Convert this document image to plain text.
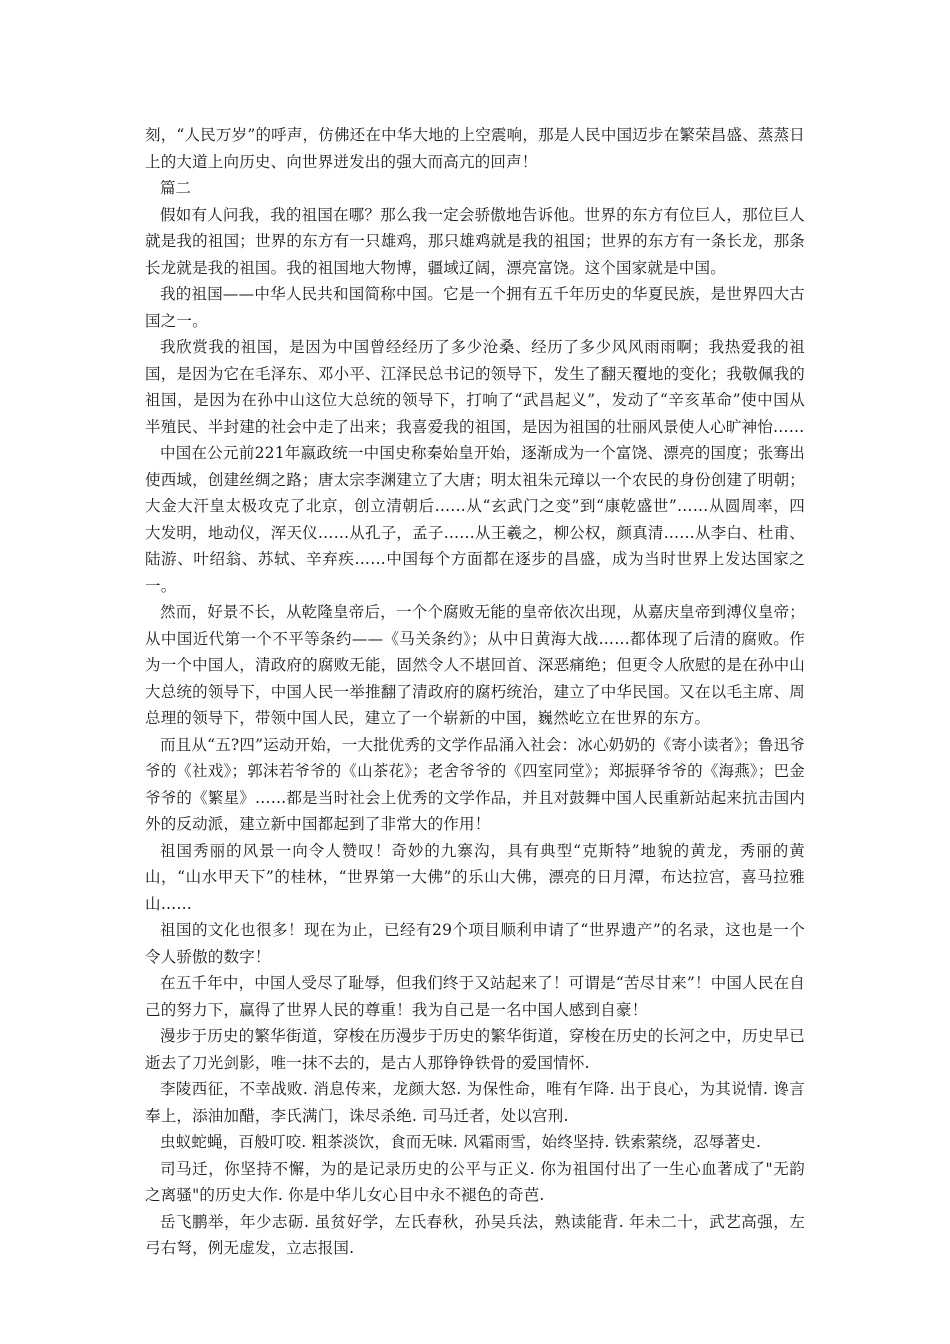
刻，“人民万岁”的呼声，仿佛还在中华大地的上空震响，那是人民中国迈步在繁荣昌盛、蒸蒸日上的大道上向历史、向世界迸发出的强大而高亢的回声！

篇二

假如有人问我，我的祖国在哪？那么我一定会骄傲地告诉他。世界的东方有位巨人，那位巨人就是我的祖国；世界的东方有一只雄鸡，那只雄鸡就是我的祖国；世界的东方有一条长龙，那条长龙就是我的祖国。我的祖国地大物博，疆域辽阔，漂亮富饶。这个国家就是中国。

我的祖国——中华人民共和国简称中国。它是一个拥有五千年历史的华夏民族，是世界四大古国之一。

我欣赏我的祖国，是因为中国曾经经历了多少沧桑、经历了多少风风雨雨啊；我热爱我的祖国，是因为它在毛泽东、邓小平、江泽民总书记的领导下，发生了翻天覆地的变化；我敬佩我的祖国，是因为在孙中山这位大总统的领导下，打响了“武昌起义”，发动了“辛亥革命”使中国从半殖民、半封建的社会中走了出来；我喜爱我的祖国，是因为祖国的壮丽风景使人心旷神怡……

中国在公元前221年嬴政统一中国史称秦始皇开始，逐渐成为一个富饶、漂亮的国度；张骞出使西域，创建丝绸之路；唐太宗李渊建立了大唐；明太祖朱元璋以一个农民的身份创建了明朝；大金大汗皇太极攻克了北京，创立清朝后……从“玄武门之变”到“康乾盛世”……从圆周率，四大发明，地动仪，浑天仪……从孔子，孟子……从王羲之，柳公权，颜真清……从李白、杜甫、陆游、叶绍翁、苏轼、辛弃疾……中国每个方面都在逐步的昌盛，成为当时世界上发达国家之一。

然而，好景不长，从乾隆皇帝后，一个个腐败无能的皇帝依次出现，从嘉庆皇帝到溥仪皇帝；从中国近代第一个不平等条约——《马关条约》；从中日黄海大战……都体现了后清的腐败。作为一个中国人，清政府的腐败无能，固然令人不堪回首、深恶痛绝；但更令人欣慰的是在孙中山大总统的领导下，中国人民一举推翻了清政府的腐朽统治，建立了中华民国。又在以毛主席、周总理的领导下，带领中国人民，建立了一个崭新的中国，巍然屹立在世界的东方。

而且从“五?四”运动开始，一大批优秀的文学作品涌入社会：冰心奶奶的《寄小读者》；鲁迅爷爷的《社戏》；郭沫若爷爷的《山茶花》；老舍爷爷的《四室同堂》；郑振驿爷爷的《海燕》；巴金爷爷的《繁星》……都是当时社会上优秀的文学作品，并且对鼓舞中国人民重新站起来抗击国内外的反动派，建立新中国都起到了非常大的作用！

祖国秀丽的风景一向令人赞叹！奇妙的九寨沟，具有典型“克斯特”地貌的黄龙，秀丽的黄山，“山水甲天下”的桂林，“世界第一大佛”的乐山大佛，漂亮的日月潭，布达拉宫，喜马拉雅山……

祖国的文化也很多！现在为止，已经有29个项目顺利申请了“世界遗产”的名录，这也是一个令人骄傲的数字！

在五千年中，中国人受尽了耻辱，但我们终于又站起来了！可谓是“苦尽甘来”！中国人民在自己的努力下，赢得了世界人民的尊重！我为自己是一名中国人感到自豪！

漫步于历史的繁华街道，穿梭在历漫步于历史的繁华街道，穿梭在历史的长河之中，历史早已逝去了刀光剑影，唯一抹不去的，是古人那铮铮铁骨的爱国情怀.

李陵西征，不幸战败. 消息传来，龙颜大怒. 为保性命，唯有乍降. 出于良心，为其说情. 谗言奉上，添油加醋，李氏满门，诛尽杀绝. 司马迁者，处以宫刑.

虫蚁蛇蝇，百般叮咬. 粗茶淡饮，食而无味. 风霜雨雪，始终坚持. 铁索萦绕，忍辱著史.

司马迁，你坚持不懈，为的是记录历史的公平与正义. 你为祖国付出了一生心血著成了"无韵之离骚"的历史大作. 你是中华儿女心目中永不褪色的奇芭.

岳飞鹏举，年少志砺. 虽贫好学，左氏春秋，孙吴兵法，熟读能背. 年未二十，武艺高强，左弓右弩，例无虚发，立志报国.
